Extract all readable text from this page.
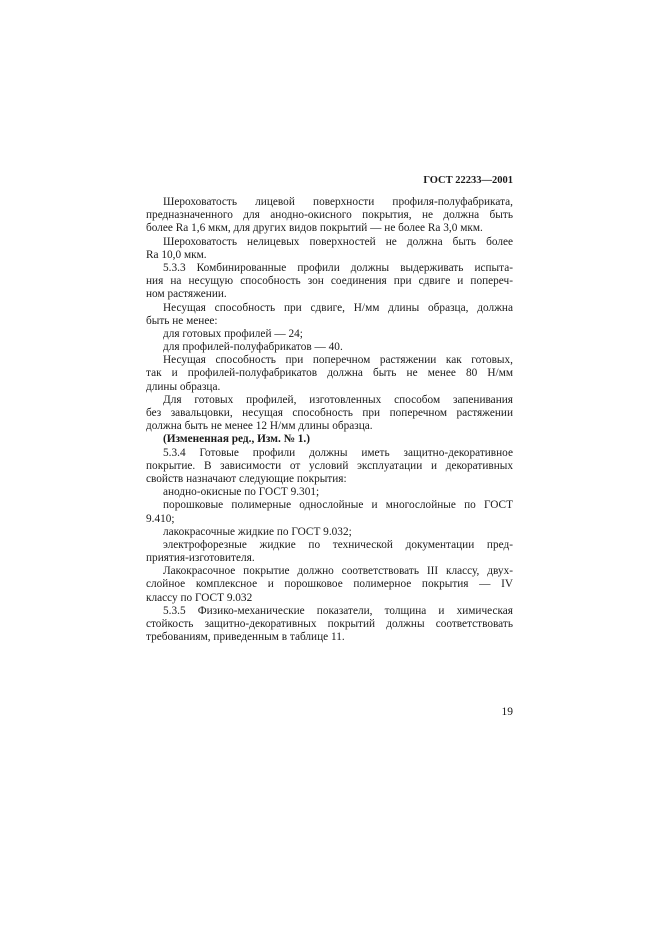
ГОСТ 22233—2001
Шероховатость лицевой поверхности профиля-полуфабриката,
предназначенного для анодно-окисного покрытия, не должна быть
более Ra 1,6 мкм, для других видов покрытий — не более Ra 3,0 мкм.
Шероховатость нелицевых поверхностей не должна быть более
Ra 10,0 мкм.
5.3.3 Комбинированные профили должны выдерживать испыта-
ния на несущую способность зон соединения при сдвиге и попереч-
ном растяжении.
Несущая способность при сдвиге, Н/мм длины образца, должна
быть не менее:
для готовых профилей — 24;
для профилей-полуфабрикатов — 40.
Несущая способность при поперечном растяжении как готовых,
так и профилей-полуфабрикатов должна быть не менее 80 Н/мм
длины образца.
Для готовых профилей, изготовленных способом запенивания
без завальцовки, несущая способность при поперечном растяжении
должна быть не менее 12 Н/мм длины образца.
(Измененная ред., Изм. № 1.)
5.3.4 Готовые профили должны иметь защитно-декоративное
покрытие. В зависимости от условий эксплуатации и декоративных
свойств назначают следующие покрытия:
анодно-окисные по ГОСТ 9.301;
порошковые полимерные однослойные и многослойные по ГОСТ
9.410;
лакокрасочные жидкие по ГОСТ 9.032;
электрофорезные жидкие по технической документации пред-
приятия-изготовителя.
Лакокрасочное покрытие должно соответствовать III классу, двух-
слойное комплексное и порошковое полимерное покрытия — IV
классу по ГОСТ 9.032
5.3.5 Физико-механические показатели, толщина и химическая
стойкость защитно-декоративных покрытий должны соответствовать
требованиям, приведенным в таблице 11.
19
